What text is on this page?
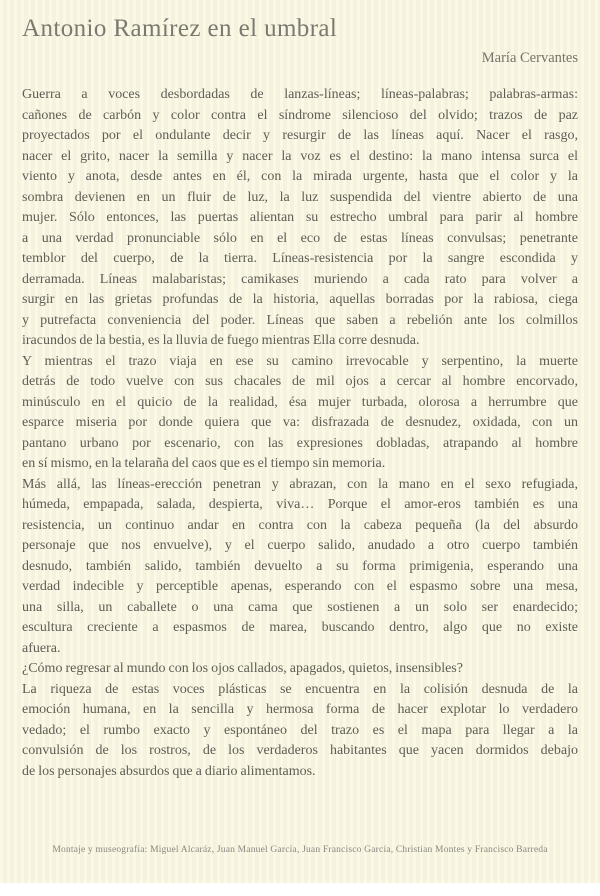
Antonio Ramírez en el umbral
María Cervantes
Guerra a voces desbordadas de lanzas-líneas; líneas-palabras; palabras-armas:
cañones de carbón y color contra el síndrome silencioso del olvido; trazos de paz
proyectados por el ondulante decir y resurgir de las líneas aquí. Nacer el rasgo,
nacer el grito, nacer la semilla y nacer la voz es el destino: la mano intensa surca el
viento y anota, desde antes en él, con la mirada urgente, hasta que el color y la
sombra devienen en un fluir de luz, la luz suspendida del vientre abierto de una
mujer. Sólo entonces, las puertas alientan su estrecho umbral para parir al hombre
a una verdad pronunciable sólo en el eco de estas líneas convulsas; penetrante
temblor del cuerpo, de la tierra. Líneas-resistencia por la sangre escondida y
derramada. Líneas malabaristas; camikases muriendo a cada rato para volver a
surgir en las grietas profundas de la historia, aquellas borradas por la rabiosa, ciega
y putrefacta conveniencia del poder. Líneas que saben a rebelión ante los colmillos
iracundos de la bestia, es la lluvia de fuego mientras Ella corre desnuda.
Y mientras el trazo viaja en ese su camino irrevocable y serpentino, la muerte
detrás de todo vuelve con sus chacales de mil ojos a cercar al hombre encorvado,
minúsculo en el quicio de la realidad, ésa mujer turbada, olorosa a herrumbre que
esparce miseria por donde quiera que va: disfrazada de desnudez, oxidada, con un
pantano urbano por escenario, con las expresiones dobladas, atrapando al hombre
en sí mismo, en la telaraña del caos que es el tiempo sin memoria.
Más allá, las líneas-erección penetran y abrazan, con la mano en el sexo refugiada,
húmeda, empapada, salada, despierta, viva… Porque el amor-eros también es una
resistencia, un continuo andar en contra con la cabeza pequeña (la del absurdo
personaje que nos envuelve), y el cuerpo salido, anudado a otro cuerpo también
desnudo, también salido, también devuelto a su forma primigenia, esperando una
verdad indecible y perceptible apenas, esperando con el espasmo sobre una mesa,
una silla, un caballete o una cama que sostienen a un solo ser enardecido;
escultura creciente a espasmos de marea, buscando dentro, algo que no existe
afuera.
¿Cómo regresar al mundo con los ojos callados, apagados, quietos, insensibles?
La riqueza de estas voces plásticas se encuentra en la colisión desnuda de la
emoción humana, en la sencilla y hermosa forma de hacer explotar lo verdadero
vedado; el rumbo exacto y espontáneo del trazo es el mapa para llegar a la
convulsión de los rostros, de los verdaderos habitantes que yacen dormidos debajo
de los personajes absurdos que a diario alimentamos.
Montaje y museografía: Miguel Alcaráz, Juan Manuel García, Juan Francisco García, Christian Montes y Francisco Barreda
